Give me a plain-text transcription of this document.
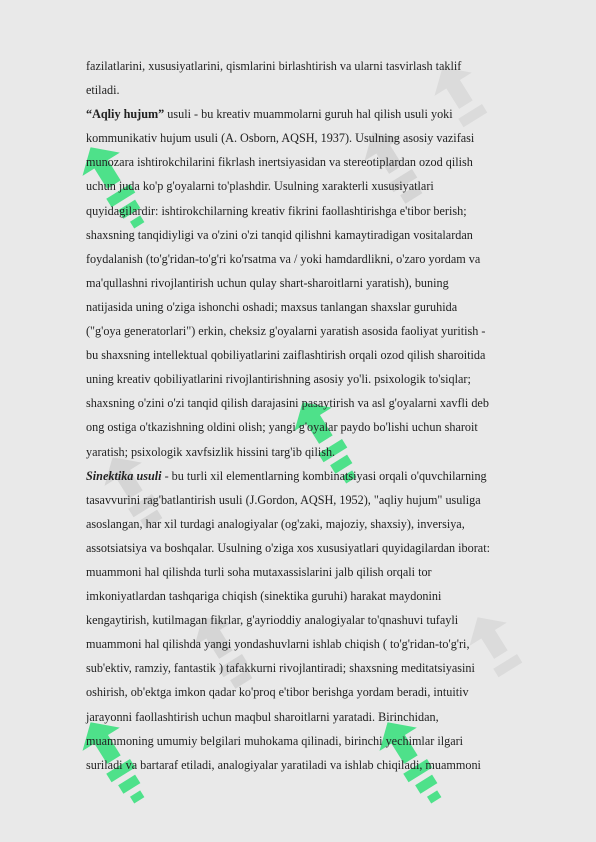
fazilatlarini, xususiyatlarini, qismlarini birlashtirish va ularni tasvirlash taklif
etiladi.
“Aqliy hujum” usuli - bu kreativ muammolarni guruh hal qilish usuli yoki
kommunikativ hujum usuli (A. Osborn, AQSH, 1937). Usulning asosiy vazifasi
munozara ishtirokchilarini fikrlash inertsiyasidan va stereotiplardan ozod qilish
uchun juda ko'p g'oyalarni to'plashdir. Usulning xarakterli xususiyatlari
quyidagilardir: ishtirokchilarning kreativ fikrini faollashtirishga e'tibor berish;
shaxsning tanqidiyligi va o'zini o'zi tanqid qilishni kamaytiradigan vositalardan
foydalanish (to'g'ridan-to'g'ri ko'rsatma va / yoki hamdardlikni, o'zaro yordam va
ma'qullashni rivojlantirish uchun qulay shart-sharoitlarni yaratish), buning
natijasida uning o'ziga ishonchi oshadi; maxsus tanlangan shaxslar guruhida
("g'oya generatorlari") erkin, cheksiz g'oyalarni yaratish asosida faoliyat yuritish -
bu shaxsning intellektual qobiliyatlarini zaiflashtirish orqali ozod qilish sharoitida
uning kreativ qobiliyatlarini rivojlantirishning asosiy yo'li. psixologik to'siqlar;
shaxsning o'zini o'zi tanqid qilish darajasini pasaytirish va asl g'oyalarni xavfli deb
ong ostiga o'tkazishning oldini olish; yangi g'oyalar paydo bo'lishi uchun sharoit
yaratish; psixologik xavfsizlik hissini targ'ib qilish.
Sinektika usuli - bu turli xil elementlarning kombinatsiyasi orqali o'quvchilarning
tasavvurini rag'batlantirish usuli (J.Gordon, AQSH, 1952), "aqliy hujum" usuliga
asoslangan, har xil turdagi analogiyalar (og'zaki, majoziy, shaxsiy), inversiya,
assotsiatsiya va boshqalar. Usulning o'ziga xos xususiyatlari quyidagilardan iborat:
muammoni hal qilishda turli soha mutaxassislarini jalb qilish orqali tor
imkoniyatlardan tashqariga chiqish (sinektika guruhi) harakat maydonini
kengaytirish, kutilmagan fikrlar, g'ayrioddiy analogiyalar to'qnashuvi tufayli
muammoni hal qilishda yangi yondashuvlarni ishlab chiqish ( to'g'ridan-to'g'ri,
sub'ektiv, ramziy, fantastik ) tafakkurni rivojlantiradi; shaxsning meditatsiyasini
oshirish, ob'ektga imkon qadar ko'proq e'tibor berishga yordam beradi, intuitiv
jarayonni faollashtirish uchun maqbul sharoitlarni yaratadi. Birinchidan,
muammoning umumiy belgilari muhokama qilinadi, birinchi yechimlar ilgari
suriladi va bartaraf etiladi, analogiyalar yaratiladi va ishlab chiqiladi, muammoni
